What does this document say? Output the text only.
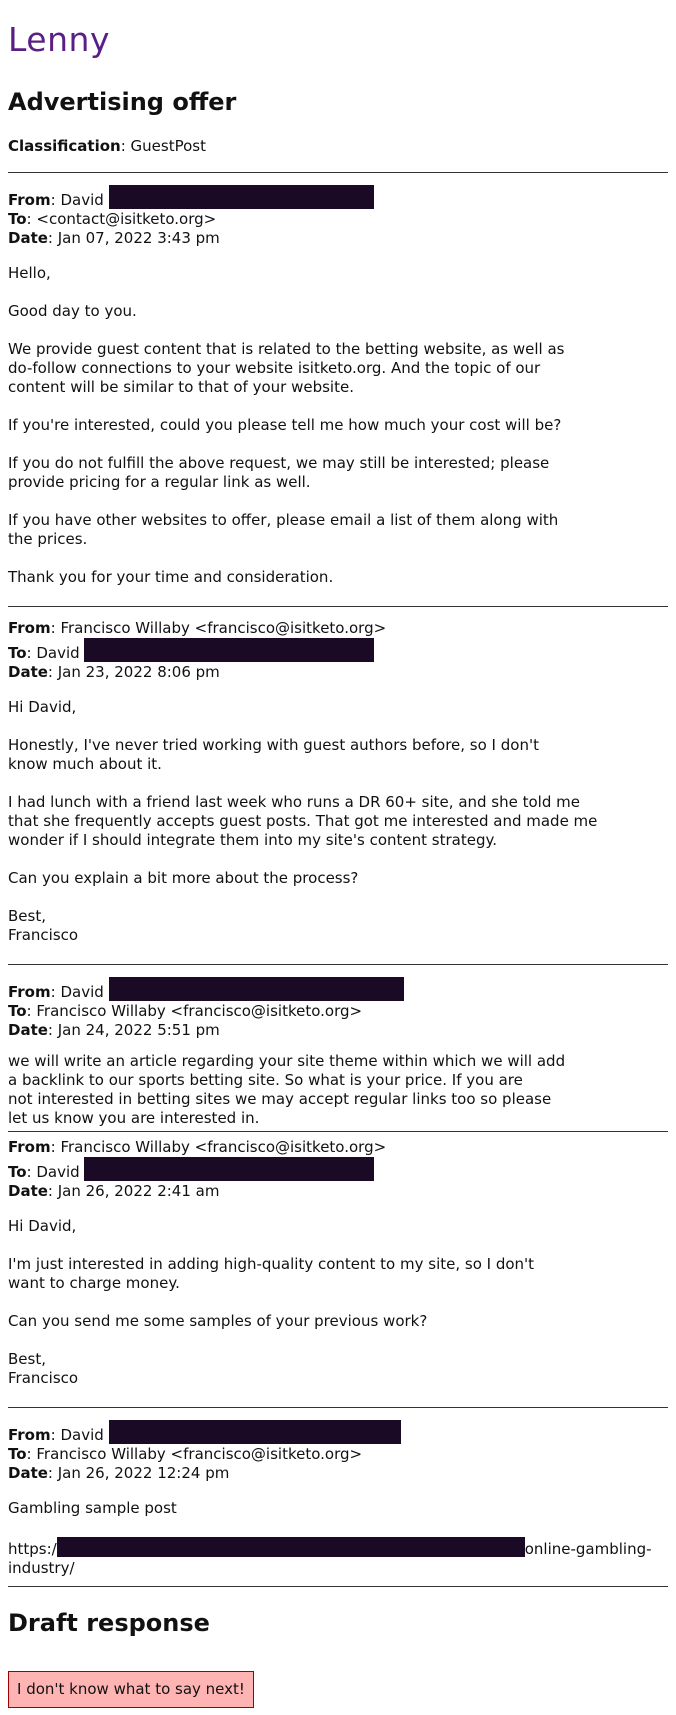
Lenny
Advertising offer
Classification: GuestPost
From: David
To: <contact@isitketo.org>
Date: Jan 07, 2022 3:43 pm

Hello,

Good day to you.

We provide guest content that is related to the betting website, as well as
do-follow connections to your website isitketo.org. And the topic of our
content will be similar to that of your website.

If you're interested, could you please tell me how much your cost will be?

If you do not fulfill the above request, we may still be interested; please
provide pricing for a regular link as well.

If you have other websites to offer, please email a list of them along with
the prices.

Thank you for your time and consideration.

From: Francisco Willaby <francisco@isitketo.org>
To: David
Date: Jan 23, 2022 8:06 pm

Hi David,

Honestly, I've never tried working with guest authors before, so I don't
know much about it.

I had lunch with a friend last week who runs a DR 60+ site, and she told me
that she frequently accepts guest posts. That got me interested and made me
wonder if I should integrate them into my site's content strategy.

Can you explain a bit more about the process?

Best,
Francisco

From: David
To: Francisco Willaby <francisco@isitketo.org>
Date: Jan 24, 2022 5:51 pm

we will write an article regarding your site theme within which we will add
a backlink to our sports betting site. So what is your price. If you are
not interested in betting sites we may accept regular links too so please
let us know you are interested in.

From: Francisco Willaby <francisco@isitketo.org>
To: David
Date: Jan 26, 2022 2:41 am

Hi David,

I'm just interested in adding high-quality content to my site, so I don't
want to charge money.

Can you send me some samples of your previous work?

Best,
Francisco

From: David
To: Francisco Willaby <francisco@isitketo.org>
Date: Jan 26, 2022 12:24 pm

Gambling sample post

https:/	online-gambling-
industry/
Draft response
I don't know what to say next!
